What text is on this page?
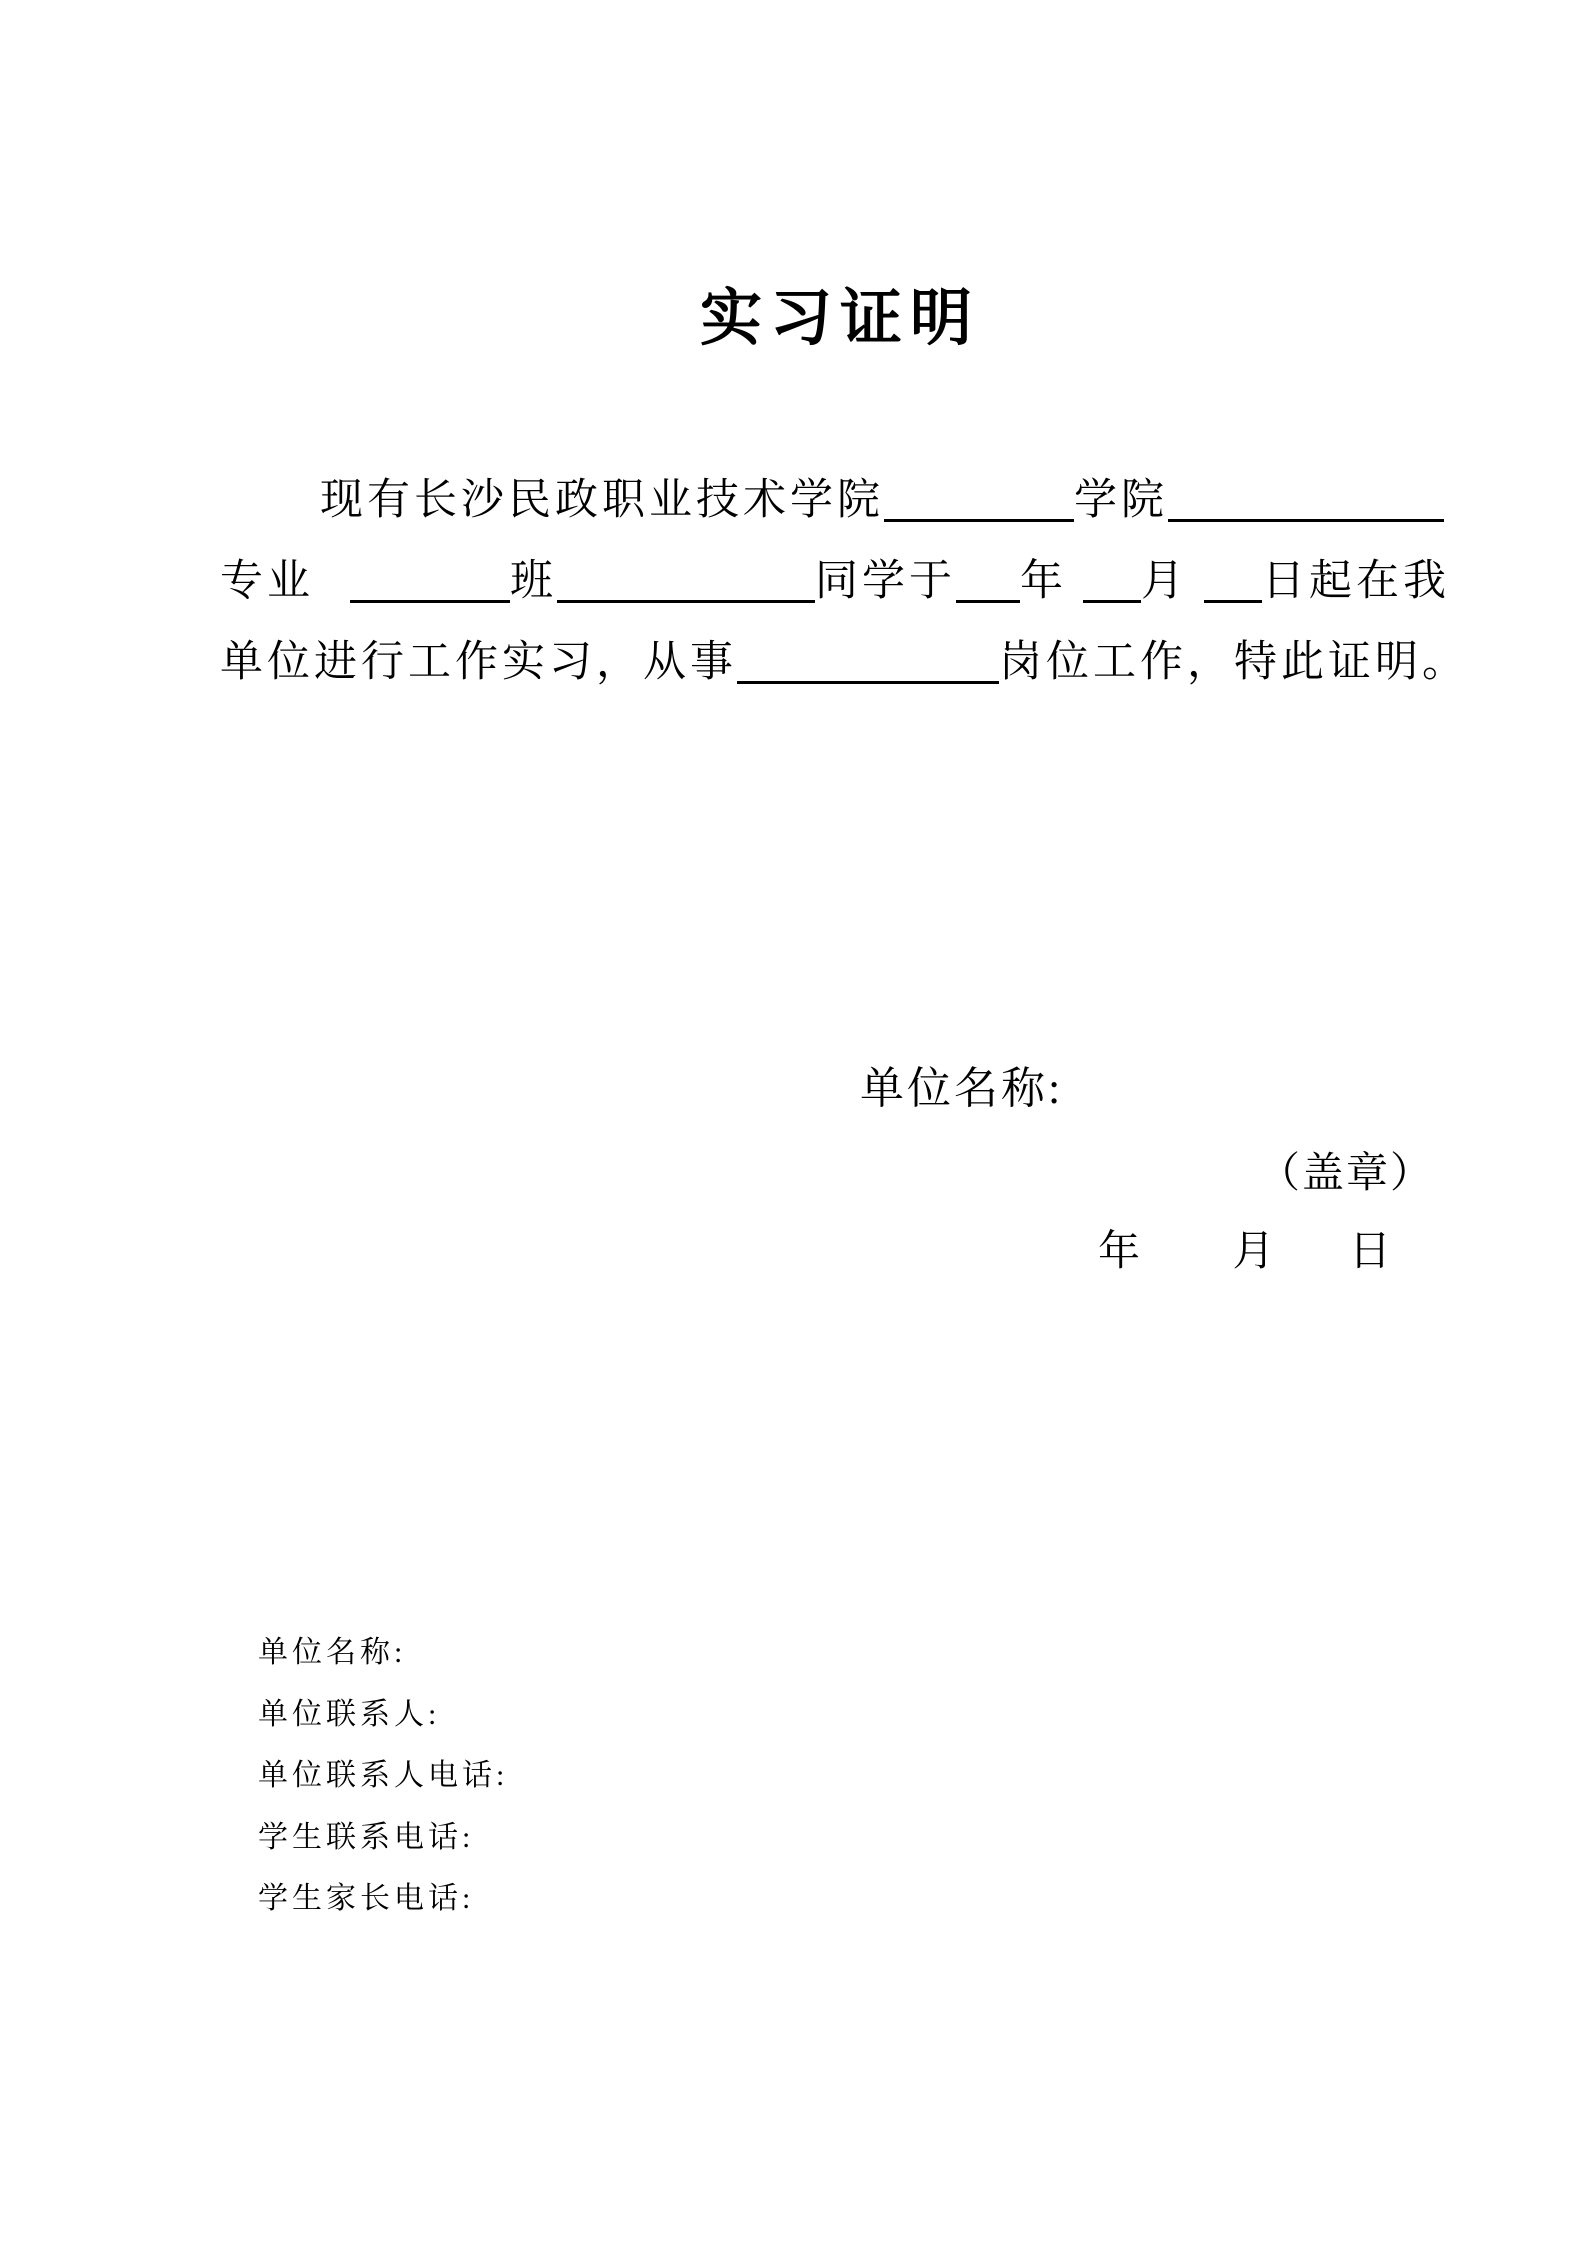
实习证明
现有长沙民政职业技术学院	学院
专业	班	同学于 年 月 日起在我
单位进行工作实习，从事	岗位工作，特此证明。
单位名称:
（盖章）
年 月 日
单位名称:
单位联系人:
单位联系人电话:
学生联系电话:
学生家长电话:
